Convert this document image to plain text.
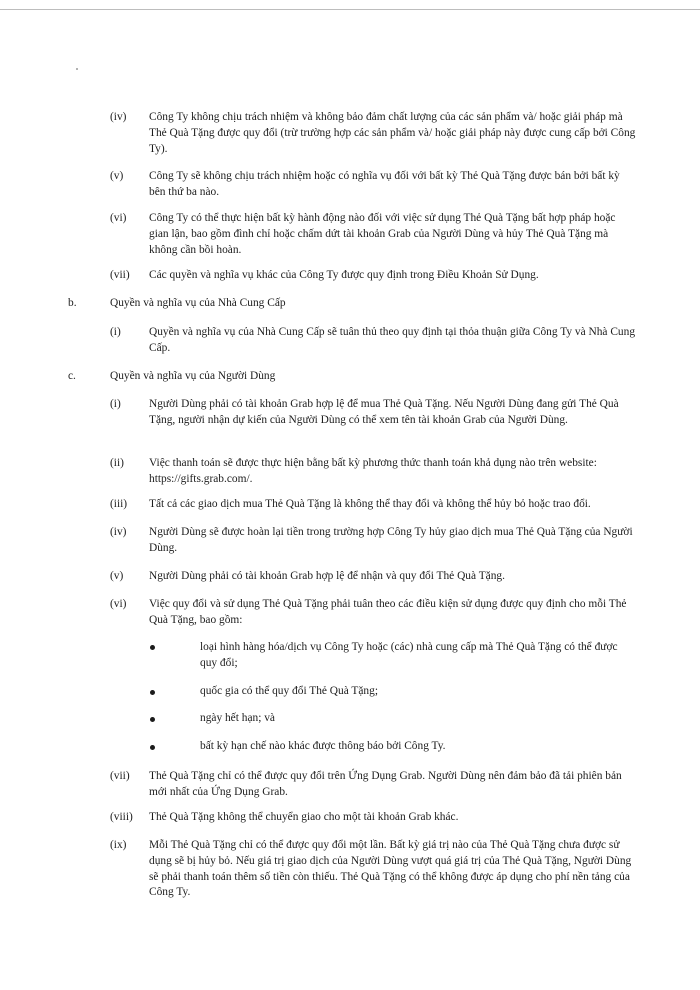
(iv) Công Ty không chịu trách nhiệm và không bảo đảm chất lượng của các sản phẩm và/ hoặc giải pháp mà Thẻ Quà Tặng được quy đổi (trừ trường hợp các sản phẩm và/ hoặc giải pháp này được cung cấp bởi Công Ty).
(v) Công Ty sẽ không chịu trách nhiệm hoặc có nghĩa vụ đối với bất kỳ Thẻ Quà Tặng được bán bởi bất kỳ bên thứ ba nào.
(vi) Công Ty có thể thực hiện bất kỳ hành động nào đối với việc sử dụng Thẻ Quà Tặng bất hợp pháp hoặc gian lận, bao gồm đình chỉ hoặc chấm dứt tài khoản Grab của Người Dùng và hủy Thẻ Quà Tặng mà không cần bồi hoàn.
(vii) Các quyền và nghĩa vụ khác của Công Ty được quy định trong Điều Khoản Sử Dụng.
b.	Quyền và nghĩa vụ của Nhà Cung Cấp
(i) Quyền và nghĩa vụ của Nhà Cung Cấp sẽ tuân thủ theo quy định tại thỏa thuận giữa Công Ty và Nhà Cung Cấp.
c.	Quyền và nghĩa vụ của Người Dùng
(i) Người Dùng phải có tài khoản Grab hợp lệ để mua Thẻ Quà Tặng. Nếu Người Dùng đang gửi Thẻ Quà Tặng, người nhận dự kiến của Người Dùng có thể xem tên tài khoản Grab của Người Dùng.
(ii) Việc thanh toán sẽ được thực hiện bằng bất kỳ phương thức thanh toán khả dụng nào trên website: https://gifts.grab.com/.
(iii) Tất cả các giao dịch mua Thẻ Quà Tặng là không thể thay đổi và không thể hủy bỏ hoặc trao đổi.
(iv) Người Dùng sẽ được hoàn lại tiền trong trường hợp Công Ty hủy giao dịch mua Thẻ Quà Tặng của Người Dùng.
(v) Người Dùng phải có tài khoản Grab hợp lệ để nhận và quy đổi Thẻ Quà Tặng.
(vi) Việc quy đổi và sử dụng Thẻ Quà Tặng phải tuân theo các điều kiện sử dụng được quy định cho mỗi Thẻ Quà Tặng, bao gồm:
loại hình hàng hóa/dịch vụ Công Ty hoặc (các) nhà cung cấp mà Thẻ Quà Tặng có thể được quy đổi;
quốc gia có thể quy đổi Thẻ Quà Tặng;
ngày hết hạn; và
bất kỳ hạn chế nào khác được thông báo bởi Công Ty.
(vii) Thẻ Quà Tặng chỉ có thể được quy đổi trên Ứng Dụng Grab. Người Dùng nên đảm bảo đã tải phiên bản mới nhất của Ứng Dụng Grab.
(viii) Thẻ Quà Tặng không thể chuyển giao cho một tài khoản Grab khác.
(ix) Mỗi Thẻ Quà Tặng chỉ có thể được quy đổi một lần. Bất kỳ giá trị nào của Thẻ Quà Tặng chưa được sử dụng sẽ bị hủy bỏ. Nếu giá trị giao dịch của Người Dùng vượt quá giá trị của Thẻ Quà Tặng, Người Dùng sẽ phải thanh toán thêm số tiền còn thiếu. Thẻ Quà Tặng có thể không được áp dụng cho phí nền tảng của Công Ty.
